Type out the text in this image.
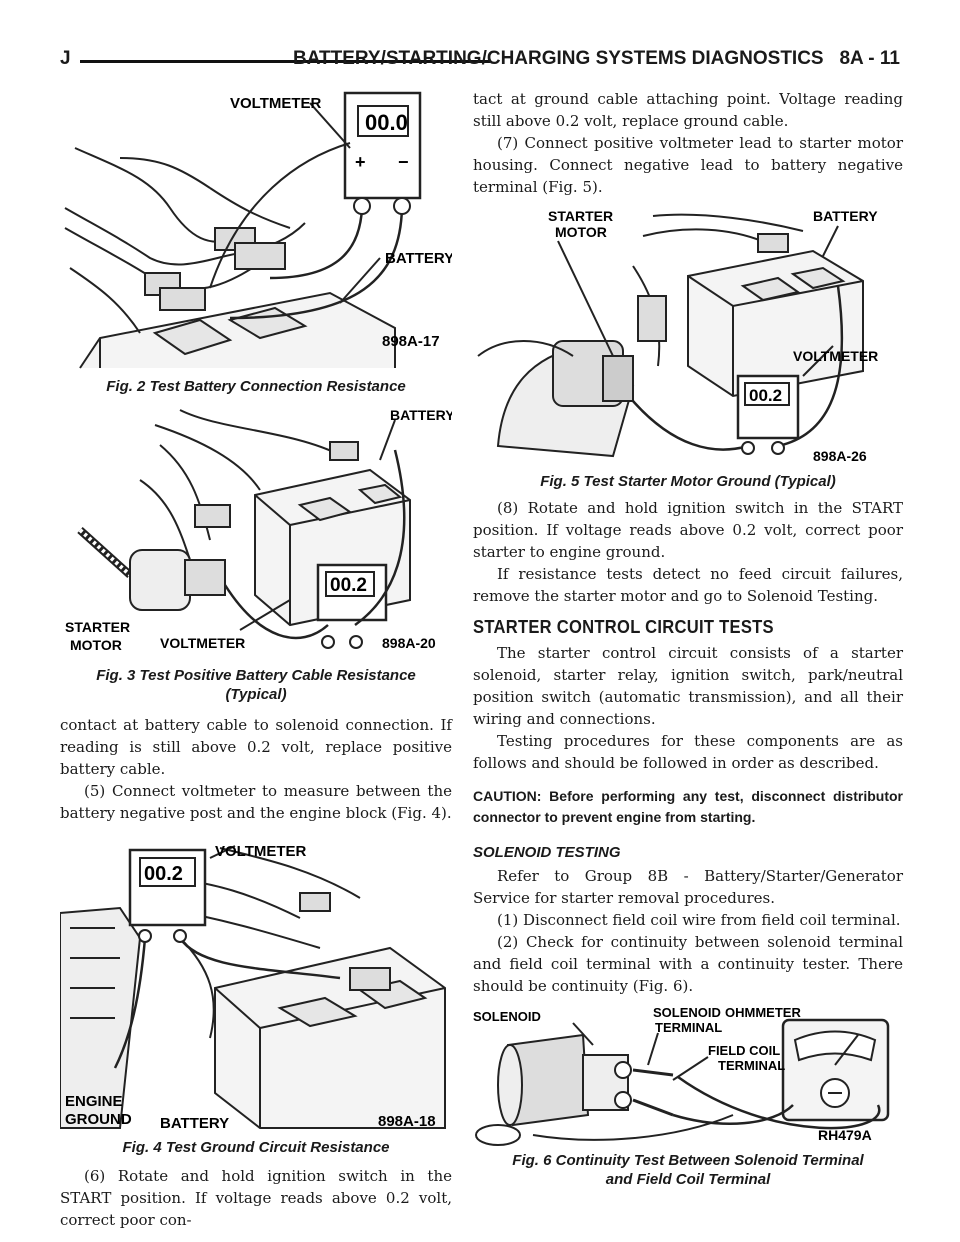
J	BATTERY/STARTING/CHARGING SYSTEMS DIAGNOSTICS 8A - 11
00.0
+ −
VOLTMETER
BATTERY
898A-17
Fig. 2 Test Battery Connection Resistance
00.2
BATTERY
STARTER
MOTOR	VOLTMETER	898A-20
Fig. 3 Test Positive Battery Cable Resistance
(Typical)

contact at battery cable to solenoid connection. If reading is still above 0.2 volt, replace positive battery cable.

(5) Connect voltmeter to measure between the battery negative post and the engine block (Fig. 4).

00.2
VOLTMETER
ENGINE
GROUND BATTERY	898A-18
Fig. 4 Test Ground Circuit Resistance

(6) Rotate and hold ignition switch in the START position. If voltage reads above 0.2 volt, correct poor con-

tact at ground cable attaching point. Voltage reading still above 0.2 volt, replace ground cable.

(7) Connect positive voltmeter lead to starter motor housing. Connect negative lead to battery negative terminal (Fig. 5).

00.2
STARTER
MOTOR
BATTERY
VOLTMETER
898A-26
Fig. 5 Test Starter Motor Ground (Typical)

(8) Rotate and hold ignition switch in the START position. If voltage reads above 0.2 volt, correct poor starter to engine ground.

If resistance tests detect no feed circuit failures, remove the starter motor and go to Solenoid Testing.

STARTER CONTROL CIRCUIT TESTS

The starter control circuit consists of a starter solenoid, starter relay, ignition switch, park/neutral position switch (automatic transmission), and all their wiring and connections.

Testing procedures for these components are as follows and should be followed in order as described.

CAUTION: Before performing any test, disconnect distributor connector to prevent engine from starting.
SOLENOID TESTING

Refer to Group 8B - Battery/Starter/Generator Service for starter removal procedures.

(1) Disconnect field coil wire from field coil terminal.

(2) Check for continuity between solenoid terminal and field coil terminal with a continuity tester. There should be continuity (Fig. 6).

SOLENOID	SOLENOID
TERMINAL
OHMMETER
FIELD COIL
TERMINAL
RH479A
Fig. 6 Continuity Test Between Solenoid Terminal
and Field Coil Terminal
